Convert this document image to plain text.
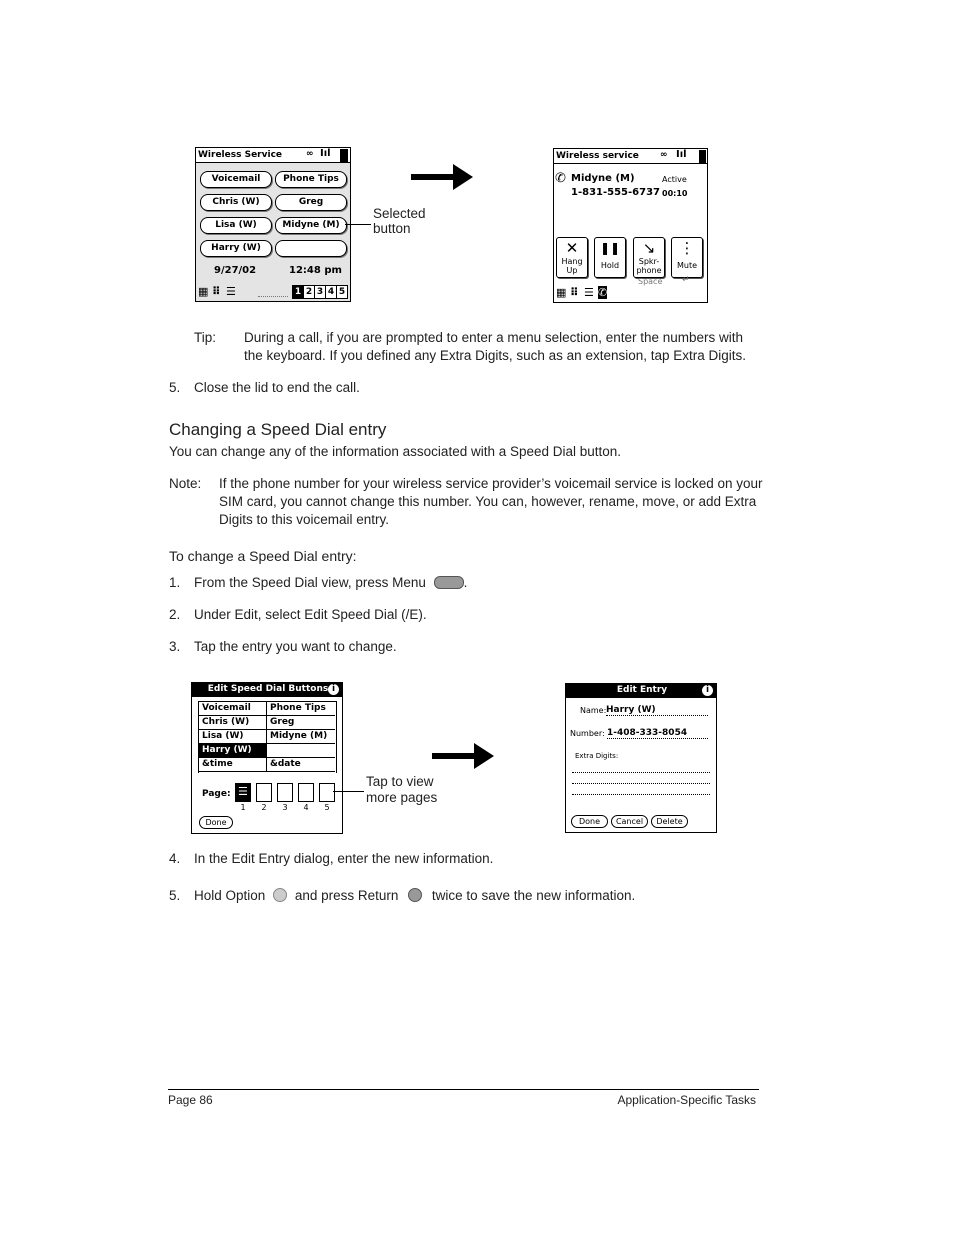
Wireless Service	∞ Ӏıl
Voicemail	Phone Tips
Chris (W)	Greg
Lisa (W)	Midyne (M)
Harry (W)
9/27/02	12:48 pm
▦ ⠿ ☰	1 2 3 4 5
Selected
button
Wireless service	∞ Ӏıl
✆ Midyne (M)
1-831-555-6737
Active
00:10
✕
Hang
Up
❚❚
Hold
↘
Spkr-
phone
⋮
Mute
▦ ⠿ ☰ ✆
Space ↵
Tip: During a call, if you are prompted to enter a menu selection, enter the numbers with the keyboard. If you defined any Extra Digits, such as an extension, tap Extra Digits.
5. Close the lid to end the call.
Changing a Speed Dial entry
You can change any of the information associated with a Speed Dial button.
Note: If the phone number for your wireless service provider’s voicemail service is locked on your SIM card, you cannot change this number. You can, however, rename, move, or add Extra Digits to this voicemail entry.
To change a Speed Dial entry:
1. From the Speed Dial view, press Menu	.
2. Under Edit, select Edit Speed Dial (/E).
3. Tap the entry you want to change.
Edit Speed Dial Buttons i
Voicemail	Phone Tips
Chris (W)	Greg
Lisa (W)	Midyne (M)
Harry (W)
&time	&date
Page: ☰
1	2	3	4	5
Done
Tap to view
more pages
Edit Entry	i
Name: Harry (W)
Number: 1-408-333-8054
Extra Digits:
Done	Cancel	Delete
4. In the Edit Entry dialog, enter the new information.
5. Hold Option and press Return twice to save the new information.
Page 86	Application-Specific Tasks
